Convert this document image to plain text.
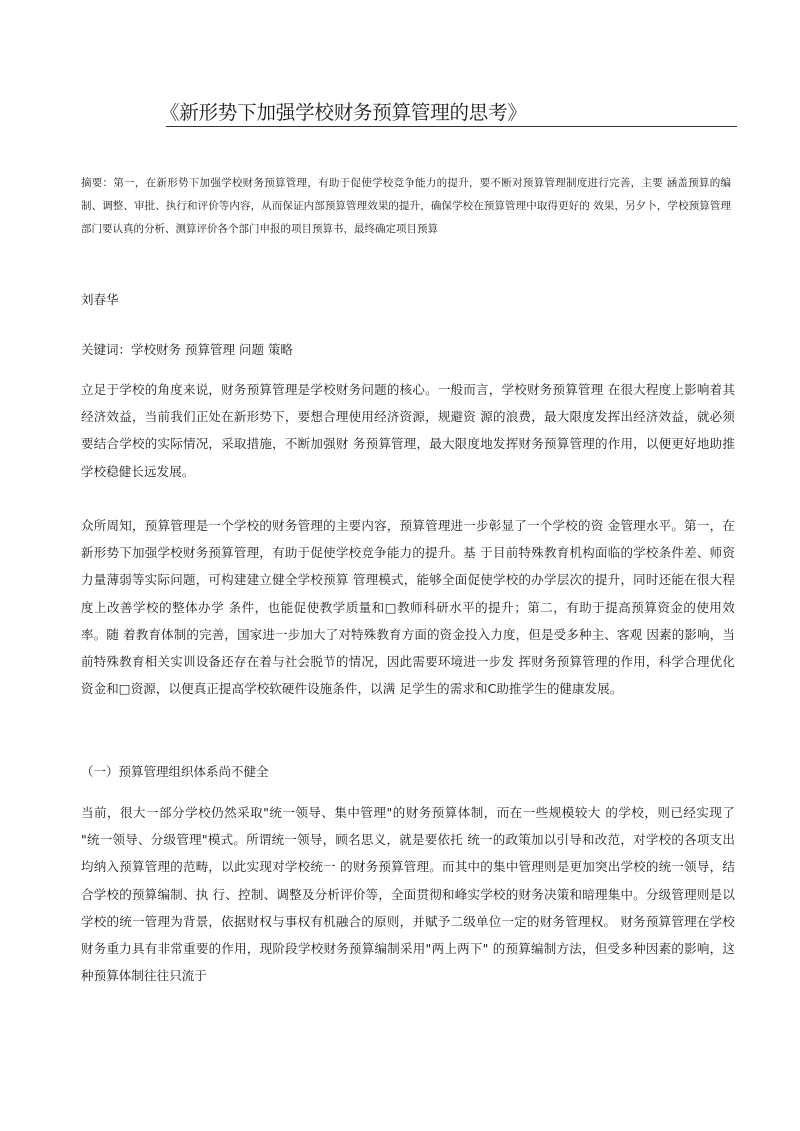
《新形势下加强学校财务预算管理的思考》
摘要：第一，在新形势下加强学校财务预算管理，有助于促使学校竞争能力的提升，要不断对预算管理制度进行完善，主要 涵盖预算的编制、调整、审批、执行和评价等内容，从而保证内部预算管理效果的提升，确保学校在预算管理中取得更好的 效果，另夕卜，学校预算管理部门要认真的分析、测算评价各个部门申报的项目预算书，最终确定项目预算
刘春华
关键词：学校财务 预算管理 问题 策略
立足于学校的角度来说，财务预算管理是学校财务问题的核心。一般而言，学校财务预算管理 在很大程度上影响着其经济效益，当前我们正处在新形势下，要想合理使用经济资源，规避资 源的浪费，最大限度发挥出经济效益，就必须要结合学校的实际情况，采取措施，不断加强财 务预算管理，最大限度地发挥财务预算管理的作用，以便更好地助推学校稳健长远发展。
众所周知，预算管理是一个学校的财务管理的主要内容，预算管理进一步彰显了一个学校的资 金管理水平。第一，在新形势下加强学校财务预算管理，有助于促使学校竞争能力的提升。基 于目前特殊教育机构面临的学校条件差、师资力量薄弱等实际问题，可构建建立健全学校预算 管理模式，能够全面促使学校的办学层次的提升，同时还能在很大程度上改善学校的整体办学 条件，也能促使教学质量和□教师科研水平的提升；第二，有助于提高预算资金的使用效率。随 着教育体制的完善，国家进一步加大了对特殊教育方面的资金投入力度，但是受多种主、客观 因素的影响，当前特殊教育相关实训设备还存在着与社会脱节的情况，因此需要环境进一步发 挥财务预算管理的作用，科学合理优化资金和□资源，以便真正提高学校软硬件设施条件，以满 足学生的需求和C助推学生的健康发展。
（一）预算管理组织体系尚不健全
当前，很大一部分学校仍然采取"统一领导、集中管理"的财务预算体制，而在一些规模较大 的学校，则已经实现了 "统一领导、分级管理"模式。所谓统一领导，顾名思义，就是要依托 统一的政策加以引导和改范，对学校的各项支出均纳入预算管理的范畴，以此实现对学校统一 的财务预算管理。而其中的集中管理则是更加突出学校的统一领导，结合学校的预算编制、执 行、控制、调整及分析评价等，全面贯彻和峰实学校的财务决策和暗理集中。分级管理则是以 学校的统一管理为背景，依据财权与事权有机融合的原则，并赋予二级单位一定的财务管理权。 财务预算管理在学校财务重力具有非常重要的作用，现阶段学校财务预算编制采用"两上两下" 的预算编制方法，但受多种因素的影响，这种预算体制往往只流于
